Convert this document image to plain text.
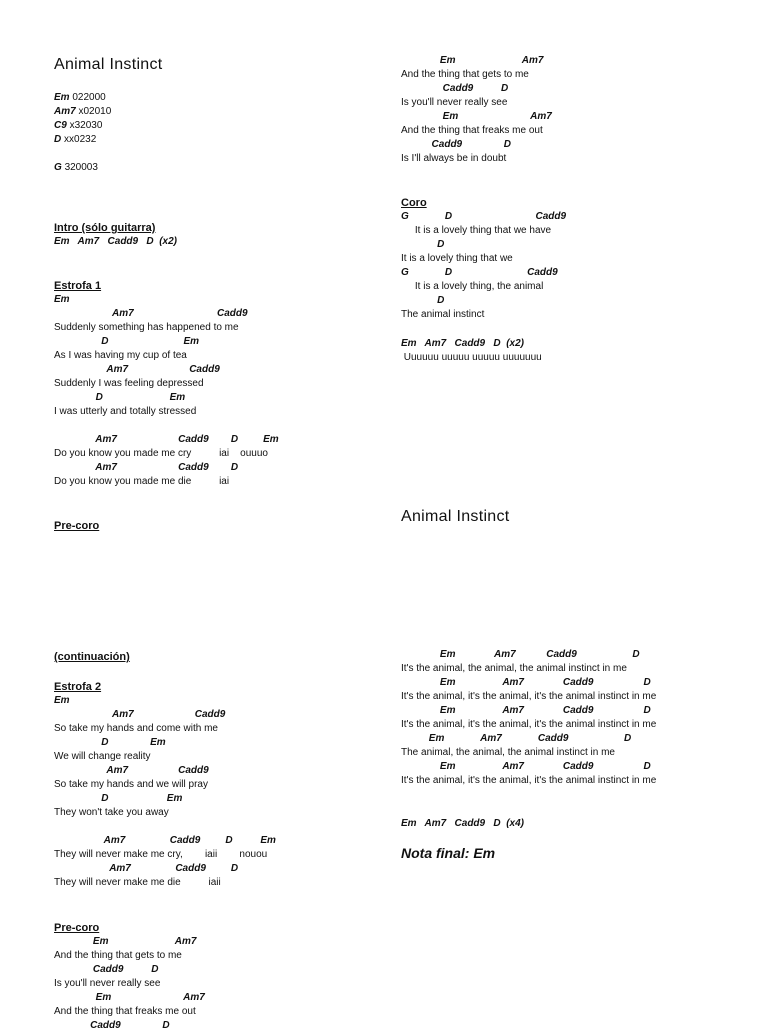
Animal Instinct
Em 022000
Am7 x02010
C9 x32030
D xx0232
G 320003
Intro (sólo guitarra)
Em   Am7   Cadd9   D  (x2)
Estrofa 1
Em
Am7                              Cadd9
Suddenly something has happened to me
D                           Em
As I was having my cup of tea
Am7                      Cadd9
Suddenly I was feeling depressed
D                        Em
I was utterly and totally stressed

Am7                      Cadd9        D         Em
Do you know you made me cry          iai    ouuuo
Am7                      Cadd9        D
Do you know you made me die          iai
Pre-coro
(continuación)
Estrofa 2
Em
Am7                      Cadd9
So take my hands and come with me
D               Em
We will change reality
Am7                  Cadd9
So take my hands and we will pray
D                     Em
They won't take you away

Am7                Cadd9         D          Em
They will never make me cry,        iaii        nouou
Am7                Cadd9         D
They will never make me die          iaii
Pre-coro
Em                        Am7
And the thing that gets to me
Cadd9          D
Is you'll never really see
Em                          Am7
And the thing that freaks me out
Cadd9               D
Em                        Am7
And the thing that gets to me
Cadd9          D
Is you'll never really see
Em                          Am7
And the thing that freaks me out
Cadd9               D
Is I'll always be in doubt
Coro
G             D                              Cadd9
It is a lovely thing that we have
D
It is a lovely thing that we
G             D                           Cadd9
It is a lovely thing, the animal
D
The animal instinct
Em   Am7   Cadd9   D  (x2)
Uuuuuu uuuuu uuuuu uuuuuuu
Animal Instinct
Em              Am7           Cadd9                    D
It's the animal, the animal, the animal instinct in me
Em                 Am7              Cadd9                  D
It's the animal, it's the animal, it's the animal instinct in me
Em                 Am7              Cadd9                  D
It's the animal, it's the animal, it's the animal instinct in me
Em             Am7             Cadd9                    D
The animal, the animal, the animal instinct in me
Em                 Am7              Cadd9                  D
It's the animal, it's the animal, it's the animal instinct in me
Em   Am7   Cadd9   D  (x4)
Nota final: Em
